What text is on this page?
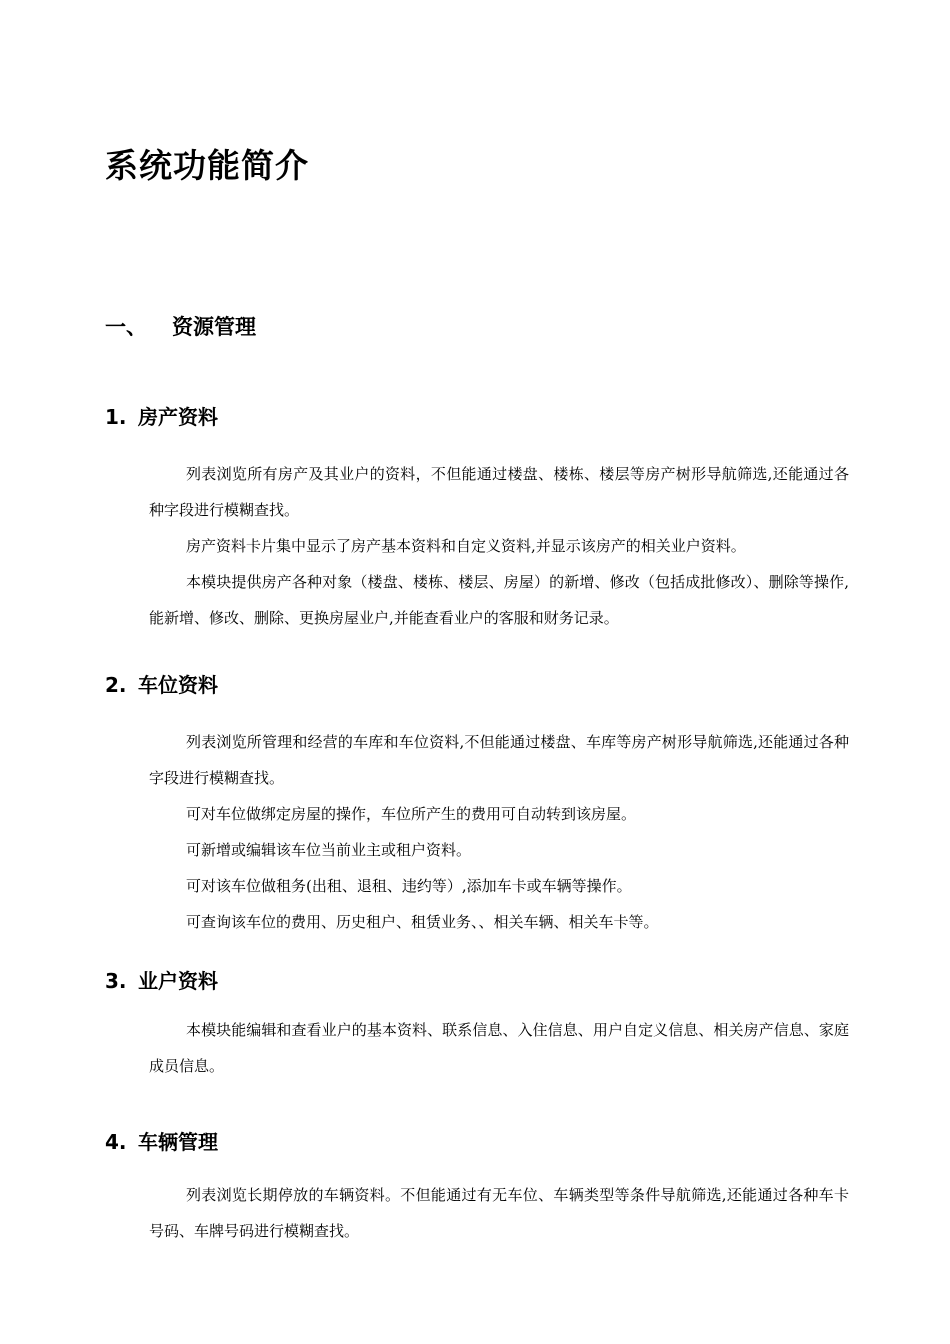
系统功能简介
一、 资源管理
1. 房产资料

列表浏览所有房产及其业户的资料，不但能通过楼盘、楼栋、楼层等房产树形导航筛选,还能通过各种字段进行模糊查找。

房产资料卡片集中显示了房产基本资料和自定义资料,并显示该房产的相关业户资料。

本模块提供房产各种对象（楼盘、楼栋、楼层、房屋）的新增、修改（包括成批修改）、删除等操作,能新增、修改、删除、更换房屋业户,并能查看业户的客服和财务记录。

2. 车位资料

列表浏览所管理和经营的车库和车位资料,不但能通过楼盘、车库等房产树形导航筛选,还能通过各种字段进行模糊查找。

可对车位做绑定房屋的操作，车位所产生的费用可自动转到该房屋。

可新增或编辑该车位当前业主或租户资料。

可对该车位做租务(出租、退租、违约等）,添加车卡或车辆等操作。

可查询该车位的费用、历史租户、租赁业务、、相关车辆、相关车卡等。

3. 业户资料

本模块能编辑和查看业户的基本资料、联系信息、入住信息、用户自定义信息、相关房产信息、家庭成员信息。

4. 车辆管理

列表浏览长期停放的车辆资料。不但能通过有无车位、车辆类型等条件导航筛选,还能通过各种车卡号码、车牌号码进行模糊查找。
